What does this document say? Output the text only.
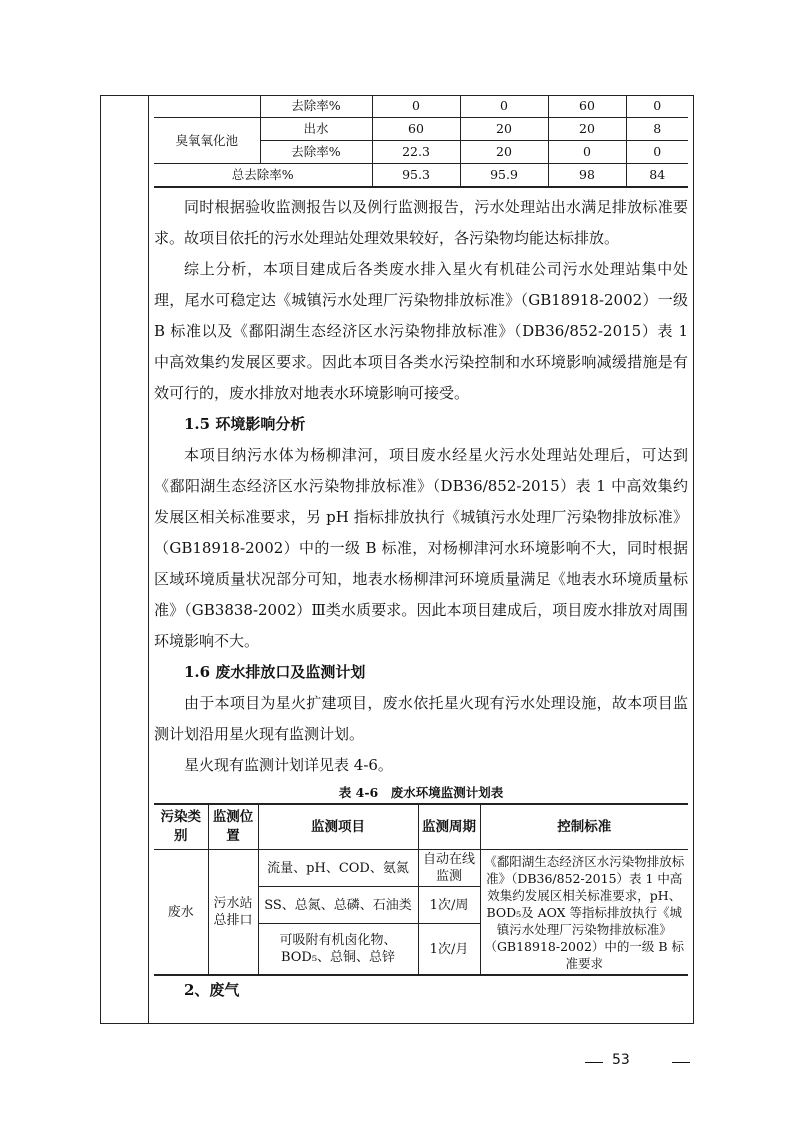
	去除率%	0	0	60	0
臭氧氧化池	出水	60	20	20	8
	去除率%	22.3	20	0	0
总去除率%		95.3	95.9	98	84

同时根据验收监测报告以及例行监测报告，污水处理站出水满足排放标准要求。故项目依托的污水处理站处理效果较好，各污染物均能达标排放。

综上分析，本项目建成后各类废水排入星火有机硅公司污水处理站集中处理，尾水可稳定达《城镇污水处理厂污染物排放标准》（GB18918-2002）一级 B 标准以及《鄱阳湖生态经济区水污染物排放标准》（DB36/852-2015）表 1 中高效集约发展区要求。因此本项目各类水污染控制和水环境影响减缓措施是有效可行的，废水排放对地表水环境影响可接受。

1.5 环境影响分析

本项目纳污水体为杨柳津河，项目废水经星火污水处理站处理后，可达到《鄱阳湖生态经济区水污染物排放标准》（DB36/852-2015）表 1 中高效集约发展区相关标准要求，另 pH 指标排放执行《城镇污水处理厂污染物排放标准》（GB18918-2002）中的一级 B 标准，对杨柳津河水环境影响不大，同时根据区域环境质量状况部分可知，地表水杨柳津河环境质量满足《地表水环境质量标准》（GB3838-2002）Ⅲ类水质要求。因此本项目建成后，项目废水排放对周围环境影响不大。

1.6 废水排放口及监测计划

由于本项目为星火扩建项目，废水依托星火现有污水处理设施，故本项目监测计划沿用星火现有监测计划。

星火现有监测计划详见表 4-6。

表 4-6　废水环境监测计划表

污染类别	监测位置	监测项目	监测周期	控制标准
废水	污水站总排口	流量、pH、COD、氨氮	自动在线监测	《鄱阳湖生态经济区水污染物排放标准》（DB36/852-2015）表 1 中高效集约发展区相关标准要求，pH、BOD₅及 AOX 等指标排放执行《城镇污水处理厂污染物排放标准》（GB18918-2002）中的一级 B 标准要求
		SS、总氮、总磷、石油类	1次/周	
		可吸附有机卤化物、BOD₅、总铜、总锌	1次/月	

2、废气

53
